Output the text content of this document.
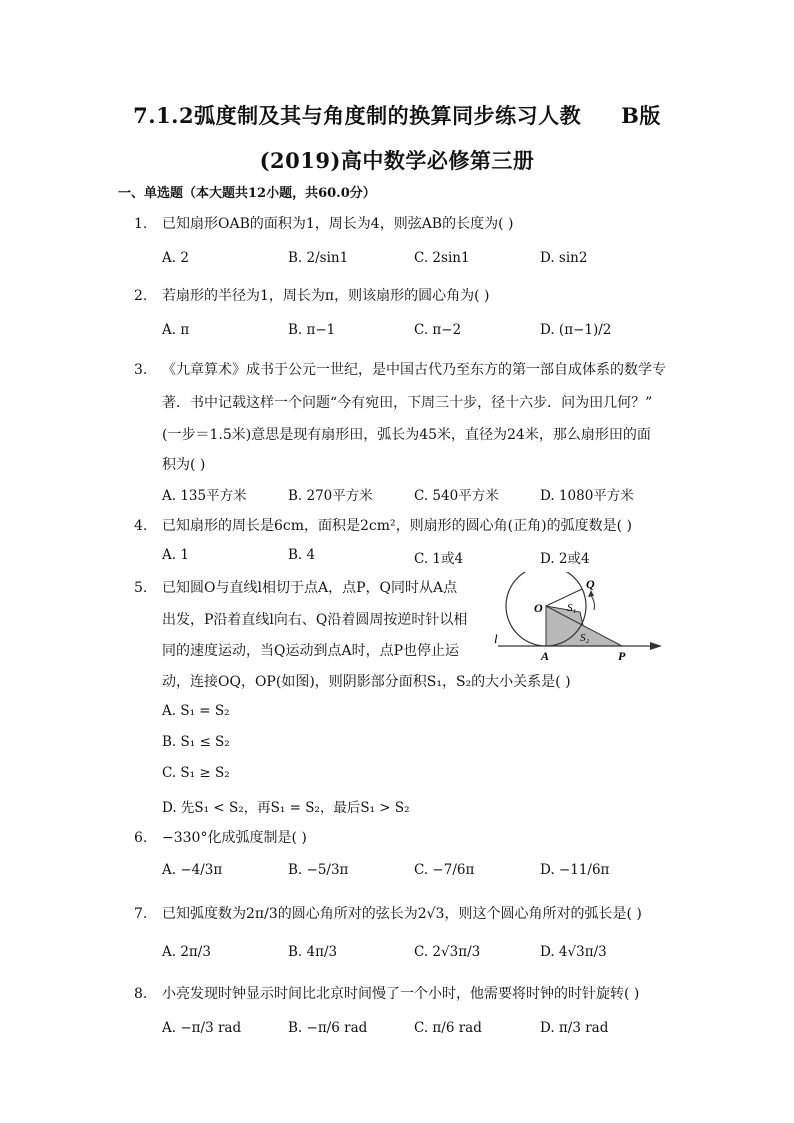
7.1.2弧度制及其与角度制的换算同步练习人教 B版
(2019)高中数学必修第三册
一、单选题（本大题共12小题，共60.0分）
1.	已知扇形OAB的面积为1，周长为4，则弦AB的长度为( )
A. 2	B. 2/sin1	C. 2sin1	D. sin2
2.	若扇形的半径为1，周长为π，则该扇形的圆心角为( )
A. π	B. π−1	C. π−2	D. (π−1)/2
3.	《九章算术》成书于公元一世纪，是中国古代乃至东方的第一部自成体系的数学专
著．书中记载这样一个问题“今有宛田，下周三十步，径十六步．问为田几何？”
(一步＝1.5米)意思是现有扇形田，弧长为45米，直径为24米，那么扇形田的面
积为( )
A. 135平方米	B. 270平方米	C. 540平方米	D. 1080平方米
4.	已知扇形的周长是6cm，面积是2cm²，则扇形的圆心角(正角)的弧度数是( )
A. 1	B. 4	C. 1或4	D. 2或4
5.	已知圆O与直线l相切于点A，点P，Q同时从A点
出发，P沿着直线l向右、Q沿着圆周按逆时针以相
同的速度运动，当Q运动到点A时，点P也停止运
动，连接OQ，OP(如图)，则阴影部分面积S₁，S₂的大小关系是( )
A. S₁ = S₂
B. S₁ ≤ S₂
C. S₁ ≥ S₂
D. 先S₁ < S₂，再S₁ = S₂，最后S₁ > S₂
O
Q
S₁
S₂
l
A	P
6.	−330°化成弧度制是( )
A. −4/3π	B. −5/3π	C. −7/6π	D. −11/6π
7.	已知弧度数为2π/3的圆心角所对的弦长为2√3，则这个圆心角所对的弧长是( )
A. 2π/3	B. 4π/3	C. 2√3π/3	D. 4√3π/3
8.	小亮发现时钟显示时间比北京时间慢了一个小时，他需要将时钟的时针旋转( )
A. −π/3 rad	B. −π/6 rad	C. π/6 rad	D. π/3 rad
